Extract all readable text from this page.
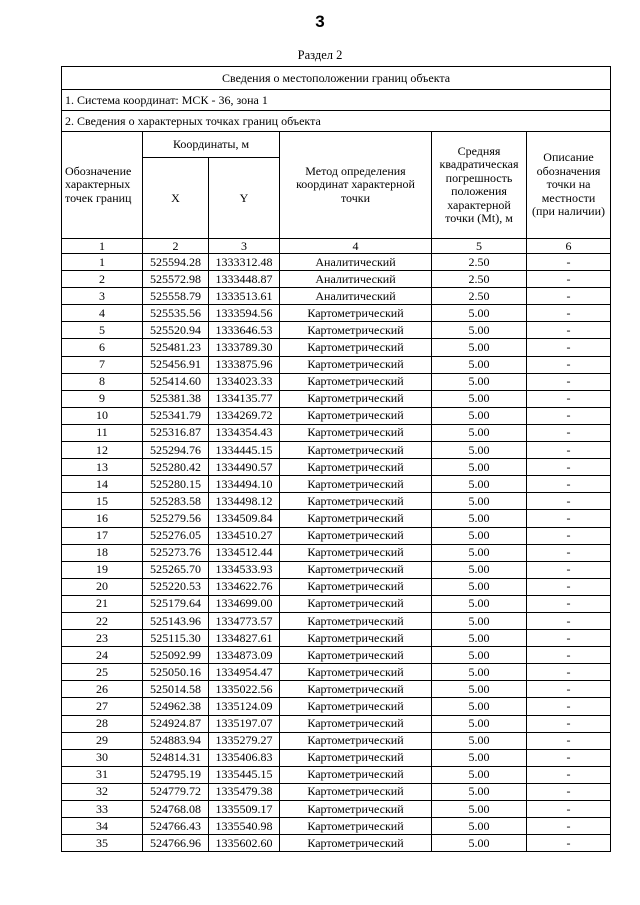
3
Раздел 2
Сведения о местоположении границ объекта					
1. Система координат: МСК - 36, зона 1					
2. Сведения о характерных точках границ объекта					
Обозначение характерных точек границ	Координаты, м		Метод определения координат характерной точки	Средняя квадратическая погрешность положения характерной точки (Mt), м	Описание обозначения точки на местности (при наличии)
	X	Y			
1	2	3	4	5	6
1	525594.28	1333312.48	Аналитический	2.50	-
2	525572.98	1333448.87	Аналитический	2.50	-
3	525558.79	1333513.61	Аналитический	2.50	-
4	525535.56	1333594.56	Картометрический	5.00	-
5	525520.94	1333646.53	Картометрический	5.00	-
6	525481.23	1333789.30	Картометрический	5.00	-
7	525456.91	1333875.96	Картометрический	5.00	-
8	525414.60	1334023.33	Картометрический	5.00	-
9	525381.38	1334135.77	Картометрический	5.00	-
10	525341.79	1334269.72	Картометрический	5.00	-
11	525316.87	1334354.43	Картометрический	5.00	-
12	525294.76	1334445.15	Картометрический	5.00	-
13	525280.42	1334490.57	Картометрический	5.00	-
14	525280.15	1334494.10	Картометрический	5.00	-
15	525283.58	1334498.12	Картометрический	5.00	-
16	525279.56	1334509.84	Картометрический	5.00	-
17	525276.05	1334510.27	Картометрический	5.00	-
18	525273.76	1334512.44	Картометрический	5.00	-
19	525265.70	1334533.93	Картометрический	5.00	-
20	525220.53	1334622.76	Картометрический	5.00	-
21	525179.64	1334699.00	Картометрический	5.00	-
22	525143.96	1334773.57	Картометрический	5.00	-
23	525115.30	1334827.61	Картометрический	5.00	-
24	525092.99	1334873.09	Картометрический	5.00	-
25	525050.16	1334954.47	Картометрический	5.00	-
26	525014.58	1335022.56	Картометрический	5.00	-
27	524962.38	1335124.09	Картометрический	5.00	-
28	524924.87	1335197.07	Картометрический	5.00	-
29	524883.94	1335279.27	Картометрический	5.00	-
30	524814.31	1335406.83	Картометрический	5.00	-
31	524795.19	1335445.15	Картометрический	5.00	-
32	524779.72	1335479.38	Картометрический	5.00	-
33	524768.08	1335509.17	Картометрический	5.00	-
34	524766.43	1335540.98	Картометрический	5.00	-
35	524766.96	1335602.60	Картометрический	5.00	-
